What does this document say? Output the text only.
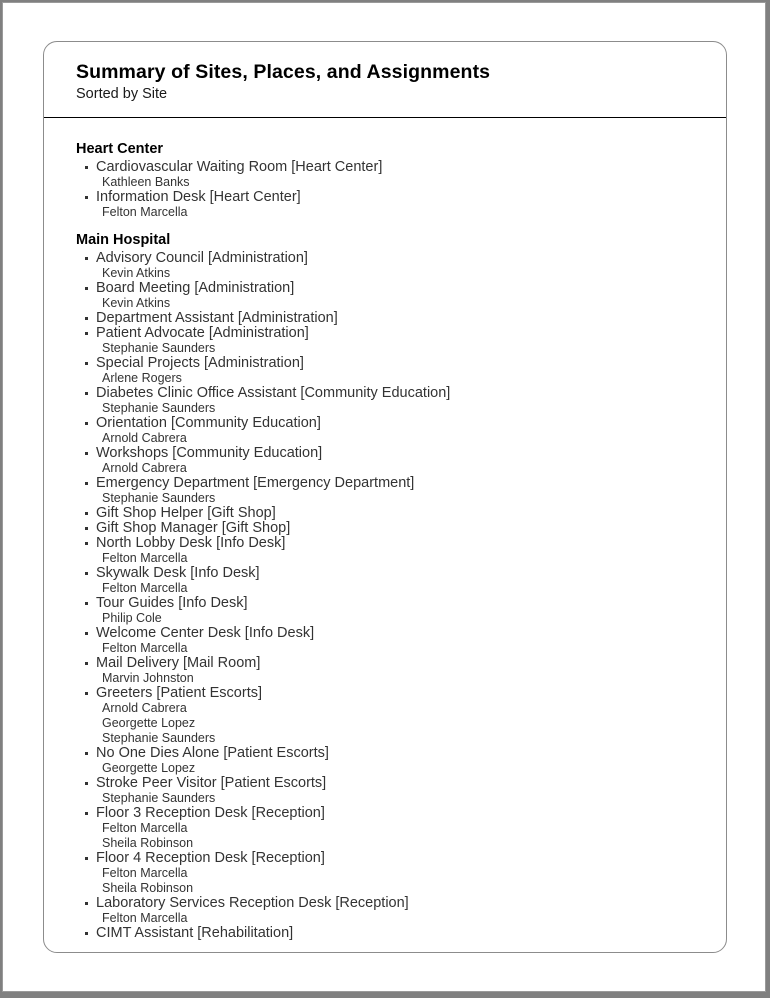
Summary of Sites, Places, and Assignments
Sorted by Site
Heart Center
Cardiovascular Waiting Room [Heart Center]
Kathleen Banks
Information Desk [Heart Center]
Felton Marcella
Main Hospital
Advisory Council [Administration]
Kevin Atkins
Board Meeting [Administration]
Kevin Atkins
Department Assistant [Administration]
Patient Advocate [Administration]
Stephanie Saunders
Special Projects [Administration]
Arlene Rogers
Diabetes Clinic Office Assistant [Community Education]
Stephanie Saunders
Orientation [Community Education]
Arnold Cabrera
Workshops [Community Education]
Arnold Cabrera
Emergency Department [Emergency Department]
Stephanie Saunders
Gift Shop Helper [Gift Shop]
Gift Shop Manager [Gift Shop]
North Lobby Desk [Info Desk]
Felton Marcella
Skywalk Desk [Info Desk]
Felton Marcella
Tour Guides [Info Desk]
Philip Cole
Welcome Center Desk [Info Desk]
Felton Marcella
Mail Delivery [Mail Room]
Marvin Johnston
Greeters [Patient Escorts]
Arnold Cabrera
Georgette Lopez
Stephanie Saunders
No One Dies Alone [Patient Escorts]
Georgette Lopez
Stroke Peer Visitor [Patient Escorts]
Stephanie Saunders
Floor 3 Reception Desk [Reception]
Felton Marcella
Sheila Robinson
Floor 4 Reception Desk [Reception]
Felton Marcella
Sheila Robinson
Laboratory Services Reception Desk [Reception]
Felton Marcella
CIMT Assistant [Rehabilitation]
